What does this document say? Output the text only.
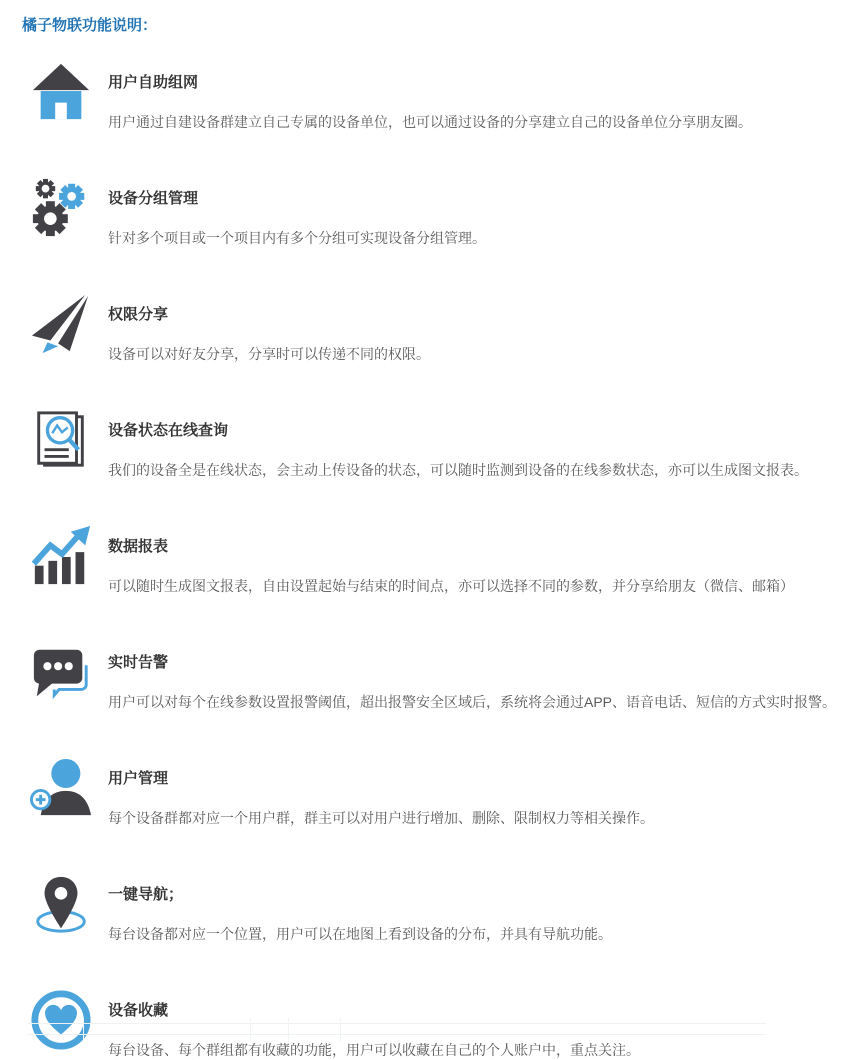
橘子物联功能说明：

用户自助组网

用户通过自建设备群建立自己专属的设备单位，也可以通过设备的分享建立自己的设备单位分享朋友圈。

设备分组管理

针对多个项目或一个项目内有多个分组可实现设备分组管理。

权限分享

设备可以对好友分享，分享时可以传递不同的权限。

设备状态在线查询

我们的设备全是在线状态，会主动上传设备的状态，可以随时监测到设备的在线参数状态，亦可以生成图文报表。

数据报表

可以随时生成图文报表，自由设置起始与结束的时间点，亦可以选择不同的参数，并分享给朋友（微信、邮箱）

实时告警

用户可以对每个在线参数设置报警阈值，超出报警安全区域后，系统将会通过APP、语音电话、短信的方式实时报警。

用户管理

每个设备群都对应一个用户群，群主可以对用户进行增加、删除、限制权力等相关操作。

一键导航；

每台设备都对应一个位置，用户可以在地图上看到设备的分布，并具有导航功能。

设备收藏

每台设备、每个群组都有收藏的功能，用户可以收藏在自己的个人账户中，重点关注。
